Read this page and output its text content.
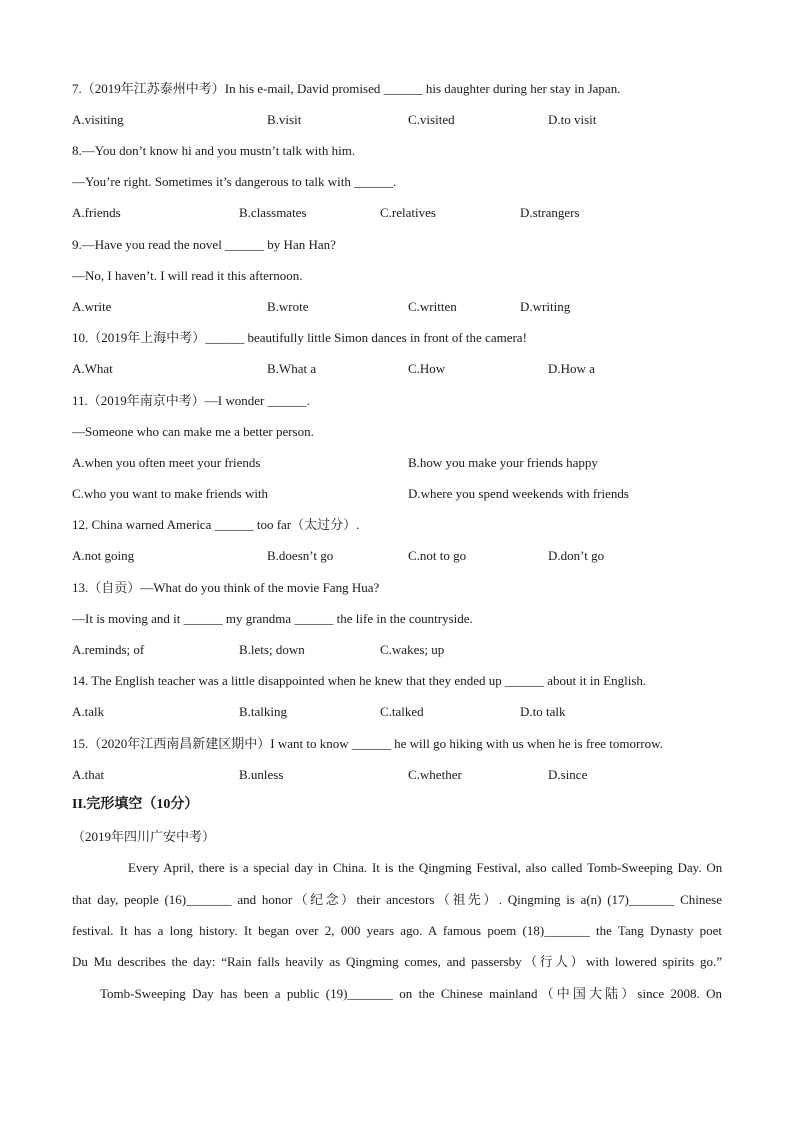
7.（2019年江苏泰州中考）In his e-mail, David promised ______ his daughter during her stay in Japan.
A.visiting	B.visit	C.visited	D.to visit
8.—You don’t know hi and you mustn’t talk with him.
—You’re right. Sometimes it’s dangerous to talk with ______.
A.friends	B.classmates	C.relatives	D.strangers
9.—Have you read the novel ______ by Han Han?
—No, I haven’t. I will read it this afternoon.
A.write	B.wrote	C.written	D.writing
10.（2019年上海中考）______ beautifully little Simon dances in front of the camera!
A.What	B.What a	C.How	D.How a
11.（2019年南京中考）—I wonder ______.
—Someone who can make me a better person.
A.when you often meet your friends	B.how you make your friends happy
C.who you want to make friends with	D.where you spend weekends with friends
12. China warned America ______ too far（太过分）.
A.not going	B.doesn’t go	C.not to go	D.don’t go
13.（自贡）—What do you think of the movie Fang Hua?
—It is moving and it ______ my grandma ______ the life in the countryside.
A.reminds; of	B.lets; down	C.wakes; up
14. The English teacher was a little disappointed when he knew that they ended up ______ about it in English.
A.talk	B.talking	C.talked	D.to talk
15.（2020年江西南昌新建区期中）I want to know ______ he will go hiking with us when he is free tomorrow.
A.that	B.unless	C.whether	D.since
II.完形填空（10分）
（2019年四川广安中考）
Every April, there is a special day in China. It is the Qingming Festival, also called Tomb-Sweeping Day. On
that day, people (16)_______ and honor（纪念）their ancestors（祖先）. Qingming is a(n) (17)_______ Chinese
festival. It has a long history. It began over 2, 000 years ago. A famous poem (18)_______ the Tang Dynasty poet
Du Mu describes the day: “Rain falls heavily as Qingming comes, and passersby（行人）with lowered spirits go.”
Tomb-Sweeping Day has been a public (19)_______ on the Chinese mainland（中国大陆）since 2008. On
